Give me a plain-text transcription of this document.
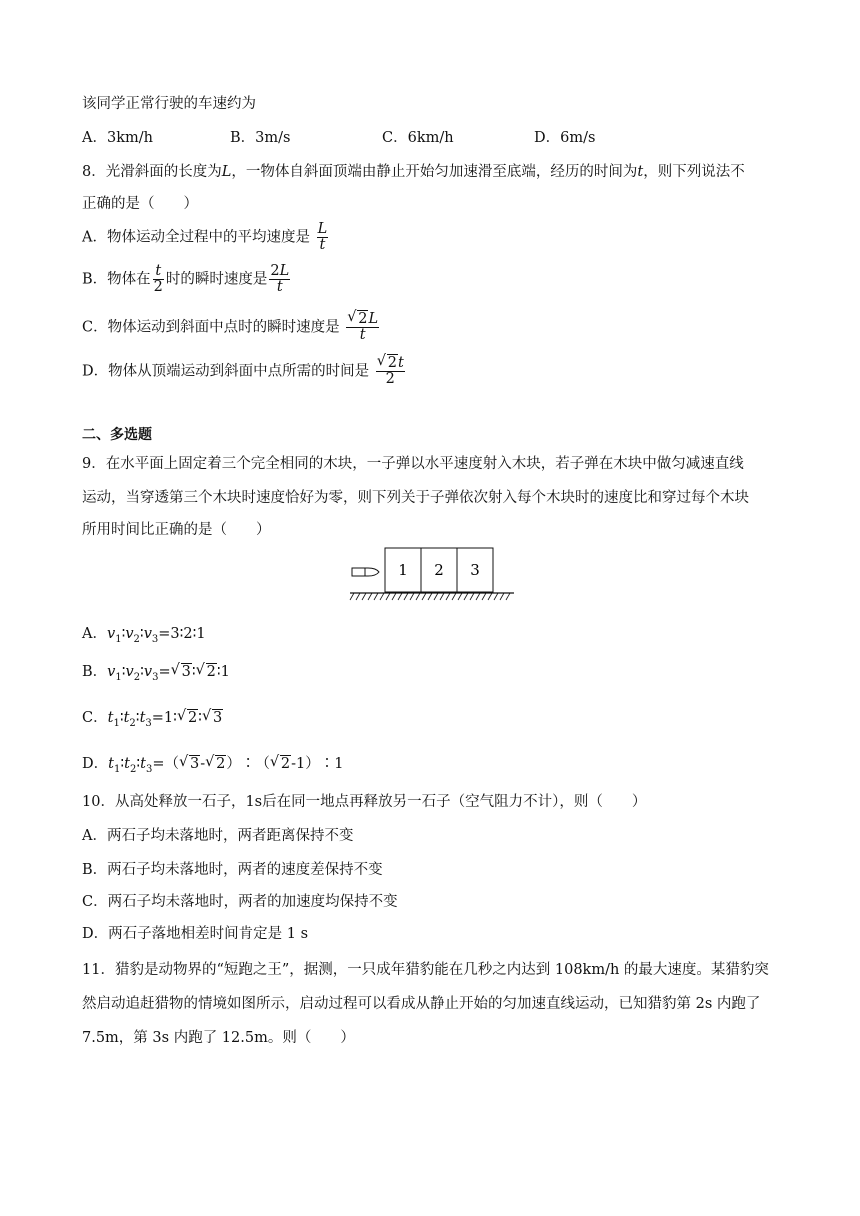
该同学正常行驶的车速约为
A．3km/h	B．3m/s	C．6km/h	D．6m/s
8．光滑斜面的长度为L，一物体自斜面顶端由静止开始匀加速滑至底端，经历的时间为t，则下列说法不
正确的是（　　）
A．物体运动全过程中的平均速度是 $\frac{L}{t}$
B．物体在 $\frac{t}{2}$ 时的瞬时速度是 $\frac{2L}{t}$
C．物体运动到斜面中点时的瞬时速度是
√ $\frac{2L}{t}$
D．物体从顶端运动到斜面中点所需的时间是
√ $\frac{2t}{2}$
二、多选题
9．在水平面上固定着三个完全相同的木块，一子弹以水平速度射入木块，若子弹在木块中做匀减速直线
运动，当穿透第三个木块时速度恰好为零，则下列关于子弹依次射入每个木块时的速度比和穿过每个木块
所用时间比正确的是（　　）
1 2 3
A．$v_1∶v_2∶v_3=3∶2∶1$
B．$v_1∶v_2∶v_3=√$ 3∶√ 2∶1
C．$t_1∶t_2∶t_3=1∶√$ 2∶√ 3
D．$t_1∶t_2∶t_3=(√$ 3-√ 2）∶（√ 2-1）∶1
10．从高处释放一石子，1s后在同一地点再释放另一石子（空气阻力不计），则（　　）
A．两石子均未落地时，两者距离保持不变
B．两石子均未落地时，两者的速度差保持不变
C．两石子均未落地时，两者的加速度均保持不变
D．两石子落地相差时间肯定是 1 s
11．猎豹是动物界的“短跑之王”，据测，一只成年猎豹能在几秒之内达到 108km/h 的最大速度。某猎豹突
然启动追赶猎物的情境如图所示，启动过程可以看成从静止开始的匀加速直线运动，已知猎豹第 2s 内跑了
7.5m，第 3s 内跑了 12.5m。则（　　）
